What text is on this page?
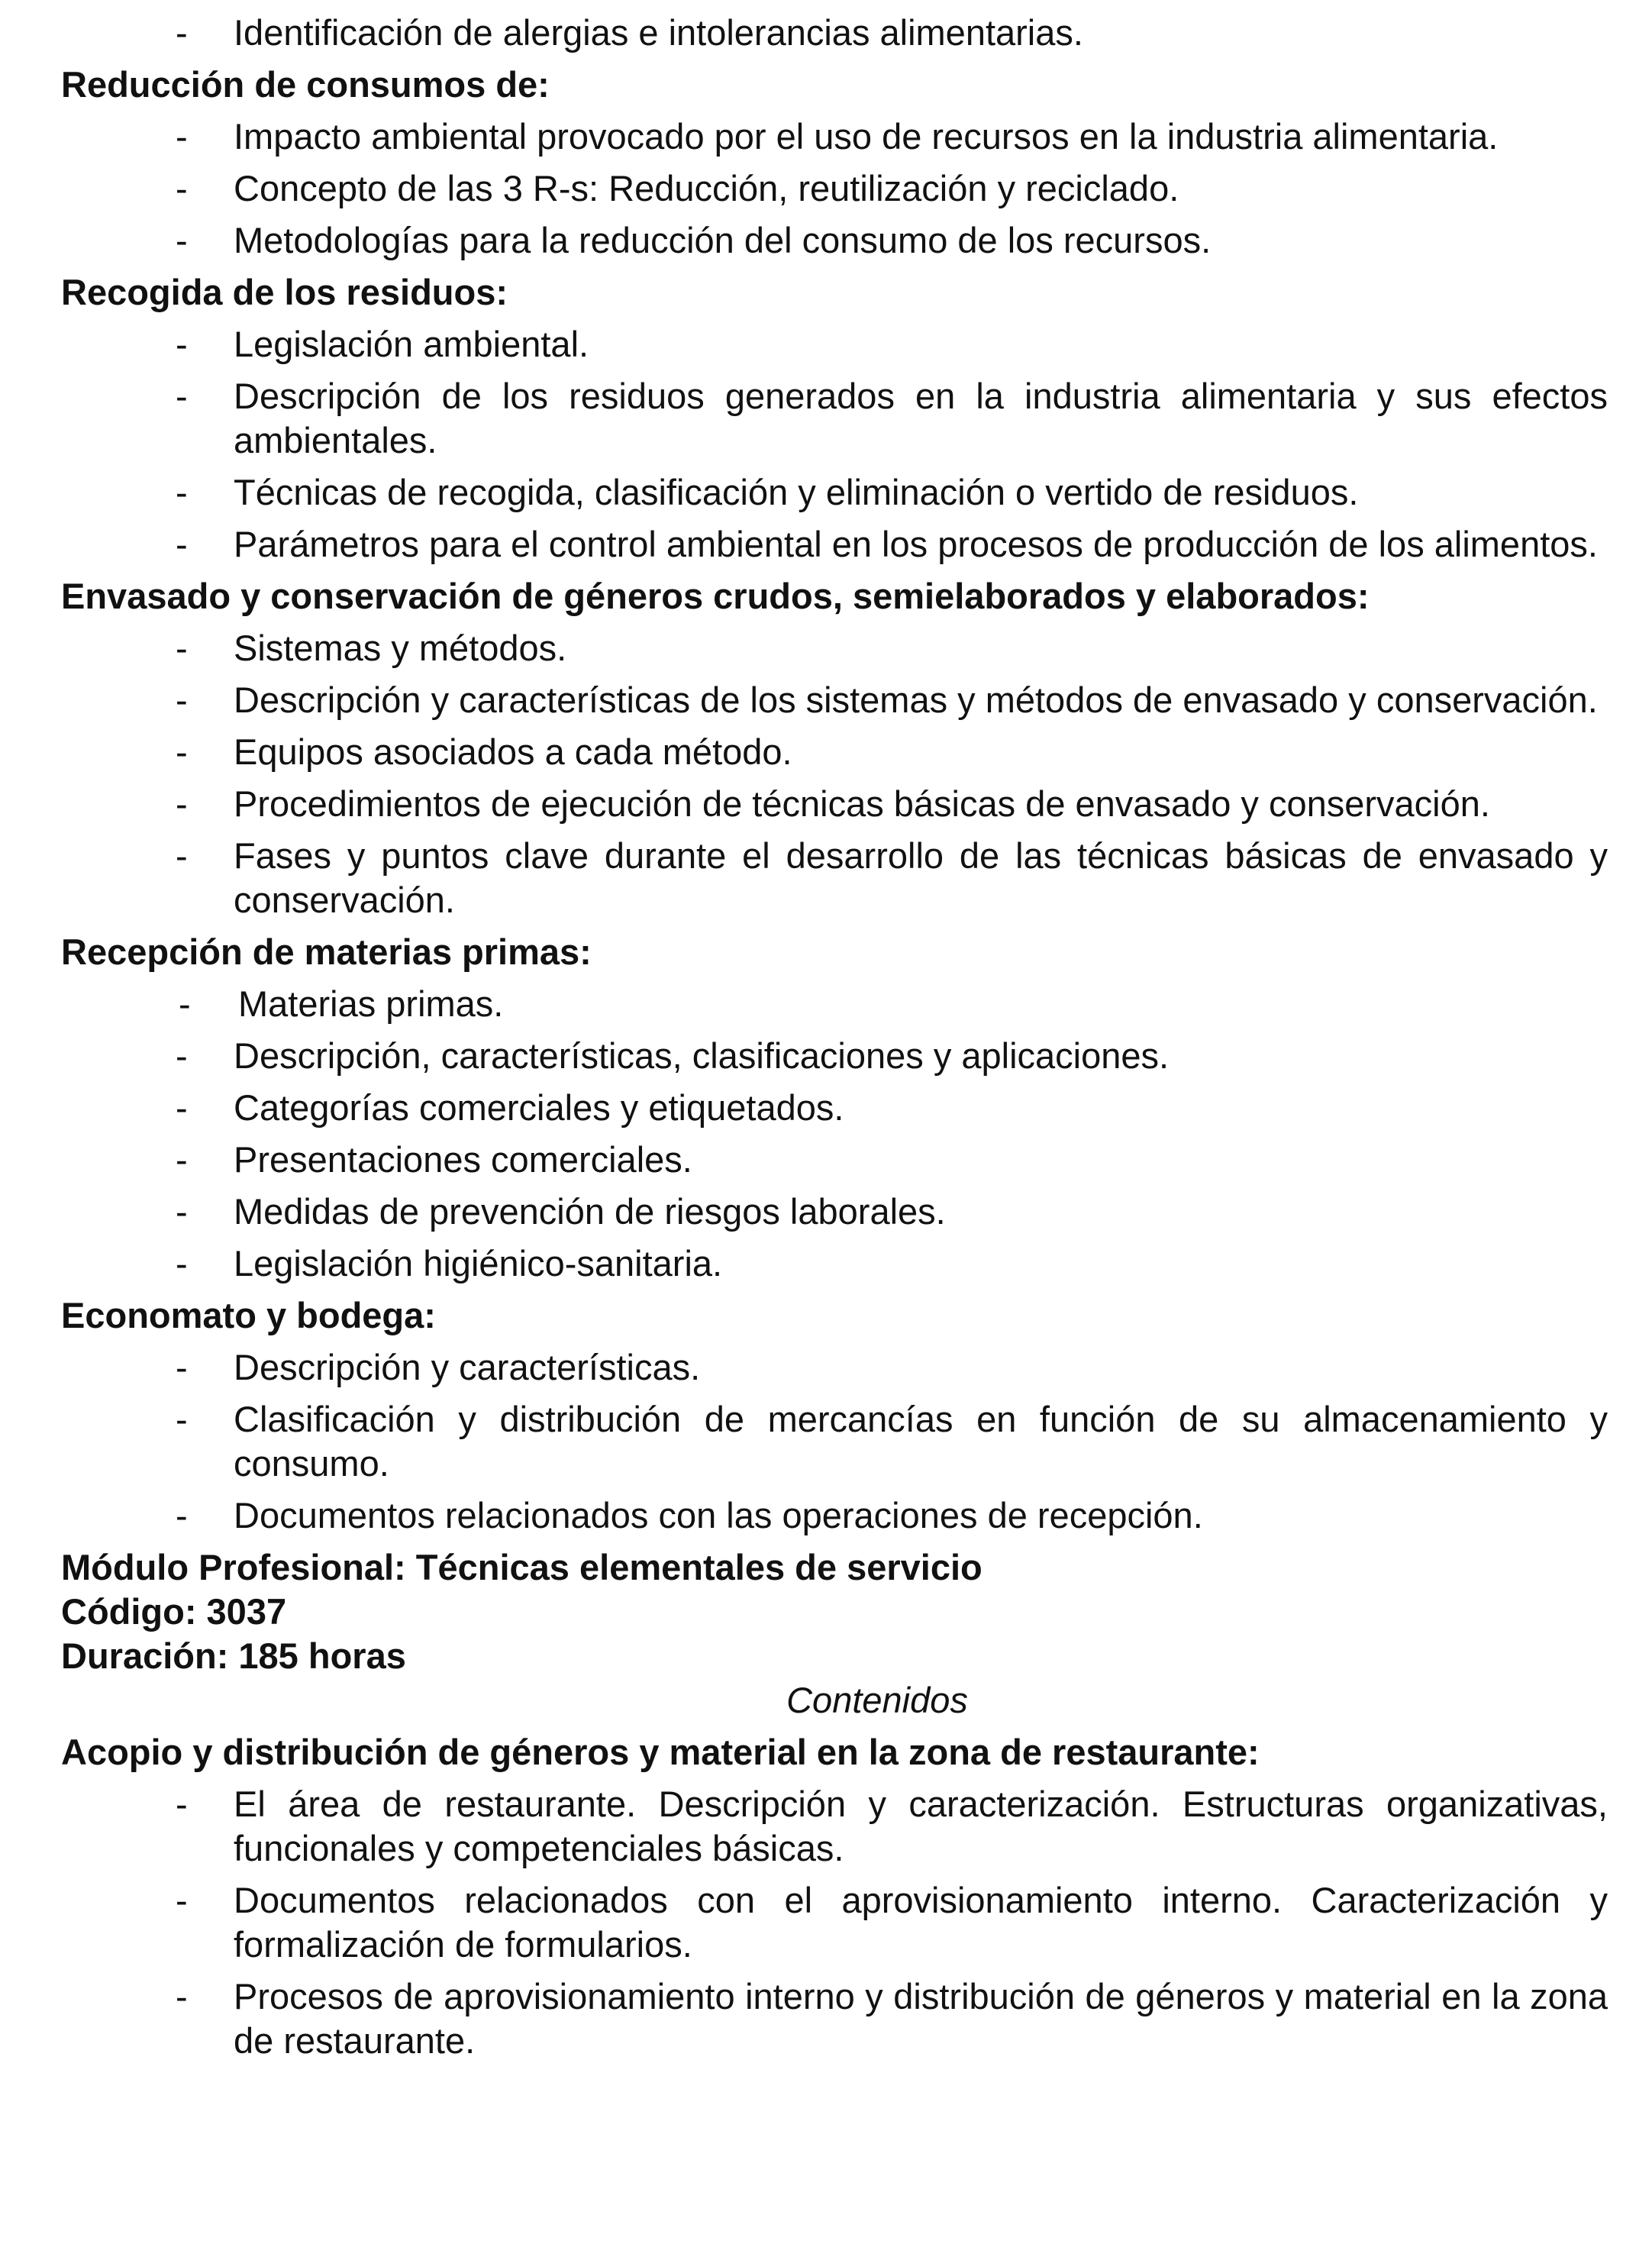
- Identificación de alergias e intolerancias alimentarias.
Reducción de consumos de:
- Impacto ambiental provocado por el uso de recursos en la industria alimentaria.
- Concepto de las 3 R-s: Reducción, reutilización y reciclado.
- Metodologías para la reducción del consumo de los recursos.
Recogida de los residuos:
- Legislación ambiental.
- Descripción de los residuos generados en la industria alimentaria y sus efectos ambientales.
- Técnicas de recogida, clasificación y eliminación o vertido de residuos.
- Parámetros para el control ambiental en los procesos de producción de los alimentos.
Envasado y conservación de géneros crudos, semielaborados y elaborados:
- Sistemas y métodos.
- Descripción y características de los sistemas y métodos de envasado y conservación.
- Equipos asociados a cada método.
- Procedimientos de ejecución de técnicas básicas de envasado y conservación.
- Fases y puntos clave durante el desarrollo de las técnicas básicas de envasado y conservación.
Recepción de materias primas:
- Materias primas.
- Descripción, características, clasificaciones y aplicaciones.
- Categorías comerciales y etiquetados.
- Presentaciones comerciales.
- Medidas de prevención de riesgos laborales.
- Legislación higiénico-sanitaria.
Economato y bodega:
- Descripción y características.
- Clasificación y distribución de mercancías en función de su almacenamiento y consumo.
- Documentos relacionados con las operaciones de recepción.
Módulo Profesional: Técnicas elementales de servicio
Código: 3037
Duración: 185 horas
Contenidos
Acopio y distribución de géneros y material en la zona de restaurante:
- El área de restaurante. Descripción y caracterización. Estructuras organizativas, funcionales y competenciales básicas.
- Documentos relacionados con el aprovisionamiento interno. Caracterización y formalización de formularios.
- Procesos de aprovisionamiento interno y distribución de géneros y material en la zona de restaurante.
